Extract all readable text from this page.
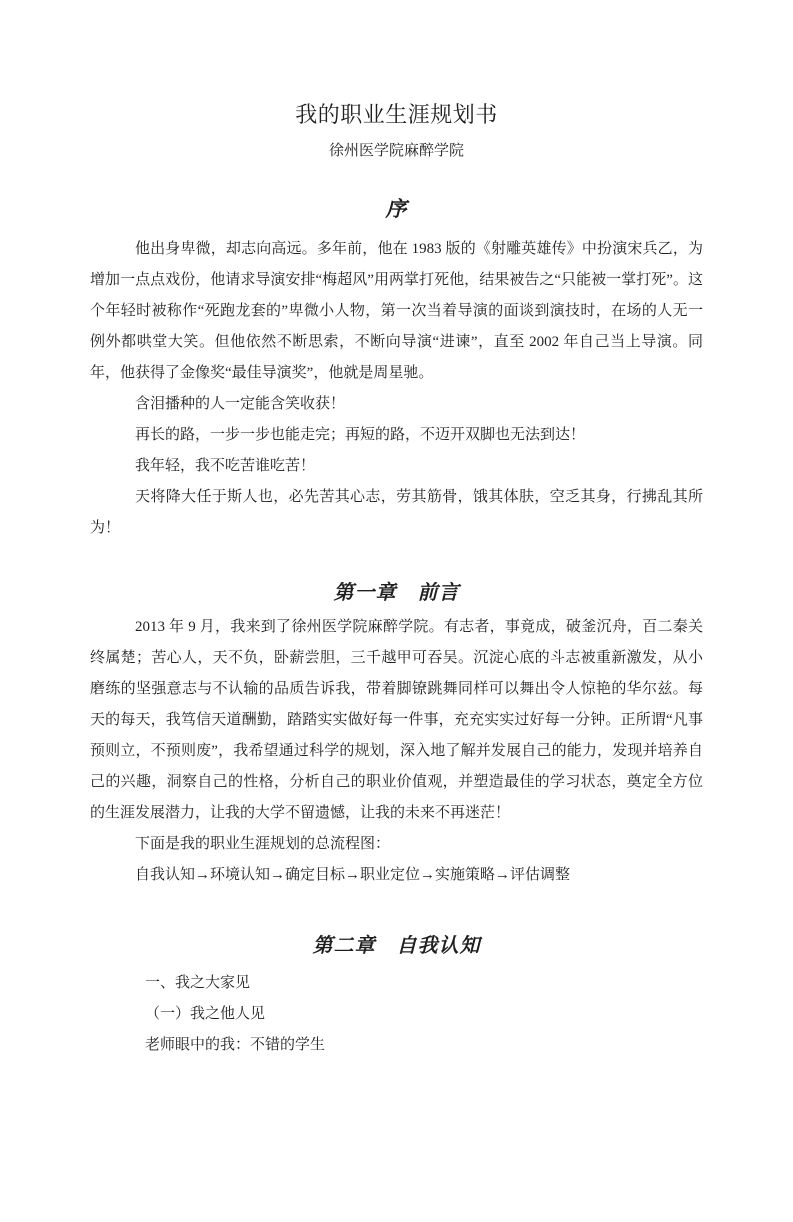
我的职业生涯规划书
徐州医学院麻醉学院
序

他出身卑微，却志向高远。多年前，他在 1983 版的《射雕英雄传》中扮演宋兵乙，为增加一点点戏份，他请求导演安排“梅超风”用两掌打死他，结果被告之“只能被一掌打死”。这个年轻时被称作“死跑龙套的”卑微小人物，第一次当着导演的面谈到演技时，在场的人无一例外都哄堂大笑。但他依然不断思索，不断向导演“进谏”，直至 2002 年自己当上导演。同年，他获得了金像奖“最佳导演奖”，他就是周星驰。

含泪播种的人一定能含笑收获！

再长的路，一步一步也能走完；再短的路，不迈开双脚也无法到达！

我年轻，我不吃苦谁吃苦！

天将降大任于斯人也，必先苦其心志，劳其筋骨，饿其体肤，空乏其身，行拂乱其所为！

第一章　前言

2013 年 9 月，我来到了徐州医学院麻醉学院。有志者，事竟成，破釜沉舟，百二秦关终属楚；苦心人，天不负，卧薪尝胆，三千越甲可吞吴。沉淀心底的斗志被重新激发，从小磨练的坚强意志与不认输的品质告诉我，带着脚镣跳舞同样可以舞出令人惊艳的华尔兹。每天的每天，我笃信天道酬勤，踏踏实实做好每一件事，充充实实过好每一分钟。正所谓“凡事预则立，不预则废”，我希望通过科学的规划，深入地了解并发展自己的能力，发现并培养自己的兴趣，洞察自己的性格，分析自己的职业价值观，并塑造最佳的学习状态，奠定全方位的生涯发展潜力，让我的大学不留遗憾，让我的未来不再迷茫！

下面是我的职业生涯规划的总流程图：

自我认知→环境认知→确定目标→职业定位→实施策略→评估调整

第二章　自我认知

一、我之大家见

（一）我之他人见

老师眼中的我：不错的学生
